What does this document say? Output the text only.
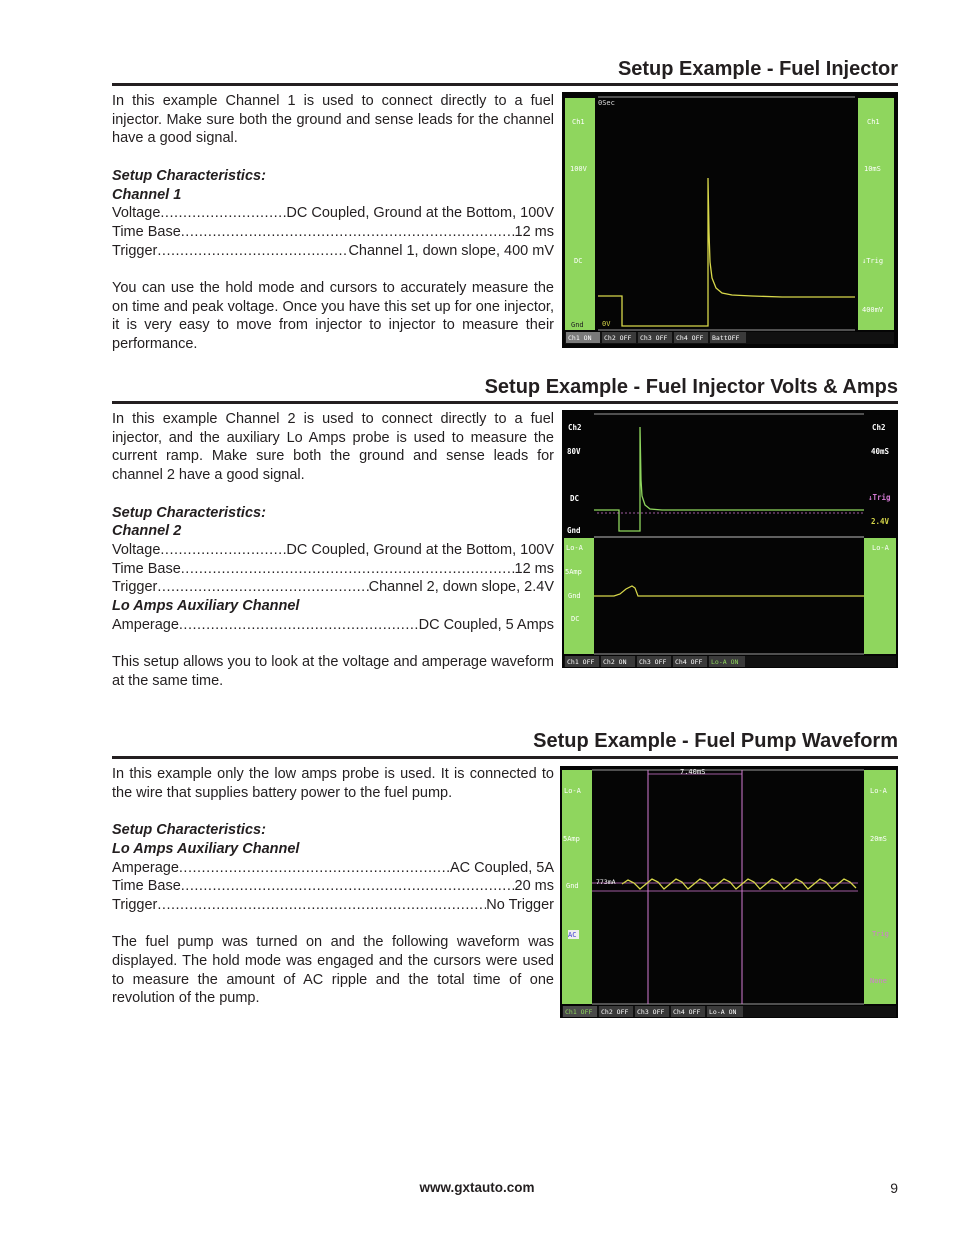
Setup Example - Fuel Injector

In this example Channel 1 is used to connect directly to a fuel injector. Make sure both the ground and sense leads for the channel have a good signal.

Setup Characteristics:

Channel 1

Voltage .....	DC Coupled, Ground at the Bottom, 100V
Time Base .....	12 ms
Trigger .....	Channel 1, down slope, 400 mV

You can use the hold mode and cursors to accurately measure the on time and peak voltage. Once you have this set up for one injector, it is very easy to move from injector to injector to measure their performance.

0Sec
Ch1
100V
DC
Gnd
Ch1
10mS
↓Trig
400mV
0V
Ch1 ON Ch2 OFF Ch3 OFF Ch4 OFF BattOFF
Setup Example - Fuel Injector Volts & Amps

In this example Channel 2 is used to connect directly to a fuel injector, and the auxiliary Lo Amps probe is used to measure the current ramp. Make sure both the ground and sense leads for channel 2 have a good signal.

Setup Characteristics:

Channel 2

Voltage .....	DC Coupled, Ground at the Bottom, 100V
Time Base .....	12 ms
Trigger .....	Channel 2, down slope, 2.4V

Lo Amps Auxiliary Channel

Amperage .....	DC Coupled, 5 Amps

This setup allows you to look at the voltage and amperage waveform at the same time.

Ch2
80V
DC
Gnd
Ch2
40mS
↓Trig
2.4V
Lo-A
5Amp
Gnd
DC
Lo-A
Ch1 OFF Ch2 ON Ch3 OFF Ch4 OFF Lo-A ON
Setup Example - Fuel Pump Waveform

In this example only the low amps probe is used. It is connected to the wire that supplies battery power to the fuel pump.

Setup Characteristics:

Lo Amps Auxiliary Channel

Amperage .....	AC Coupled, 5A
Time Base .....	20 ms
Trigger .....	No Trigger

The fuel pump was turned on and the following waveform was displayed. The hold mode was engaged and the cursors were used to measure the amount of AC ripple and the total time of one revolution of the pump.

7.40mS
Lo-A
5Amp
Gnd
AC
Lo-A
20mS
Trig
None
773mA
Ch1 OFF Ch2 OFF Ch3 OFF Ch4 OFF Lo-A ON
www.gxtauto.com	9
